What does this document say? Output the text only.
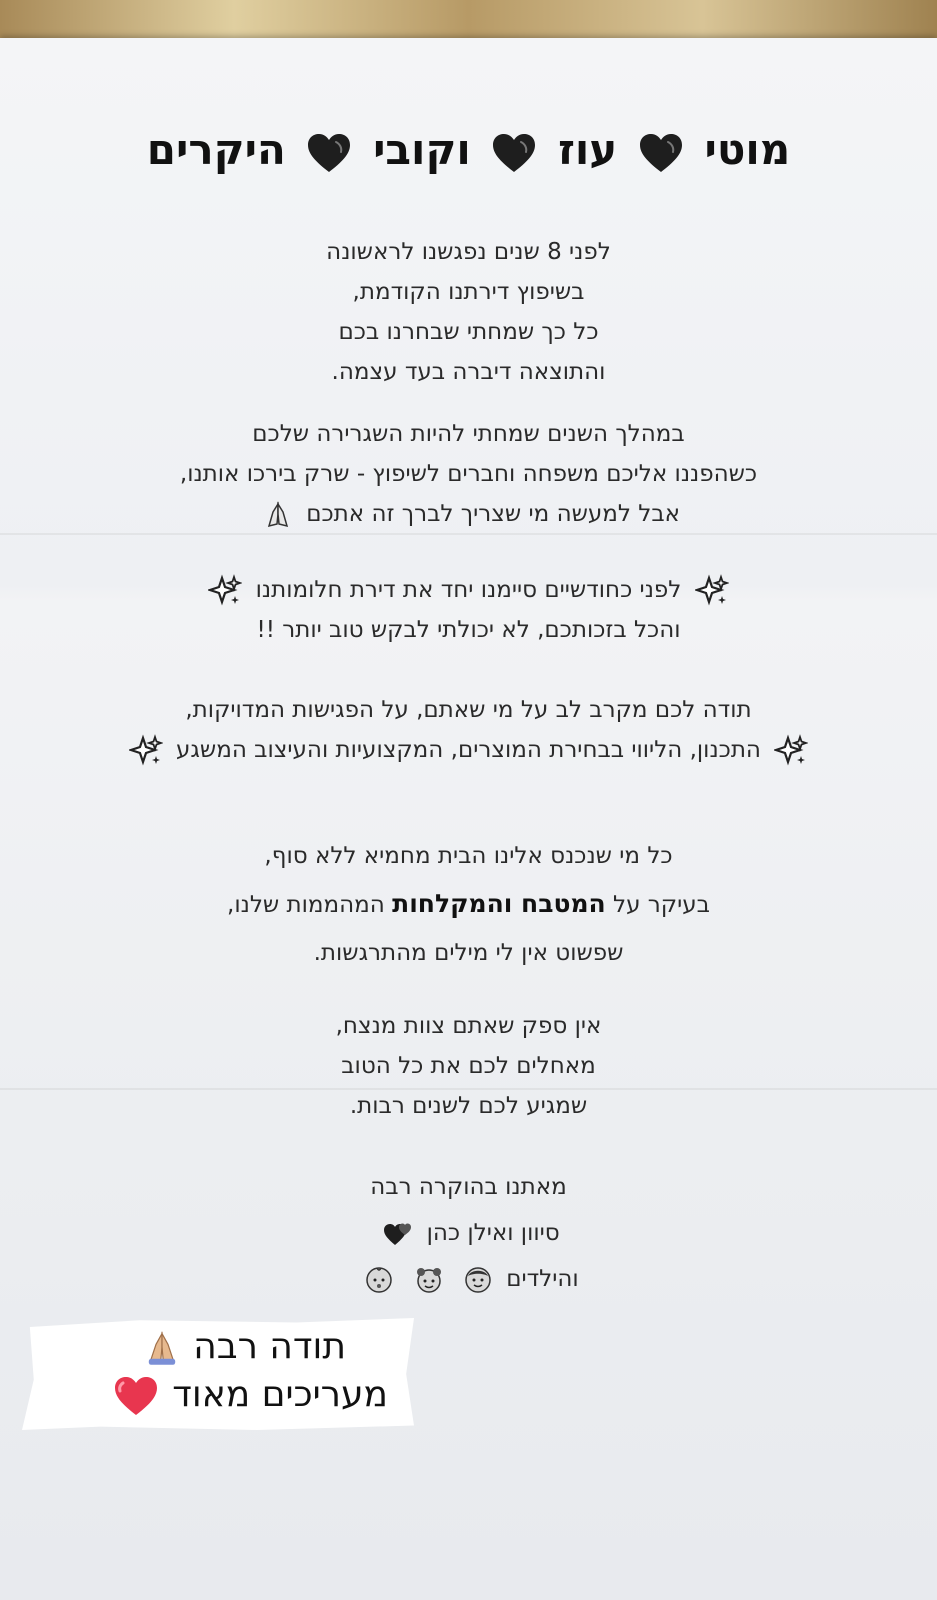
מוטי  עוז  וקובי  היקרים
לפני 8 שנים נפגשנו לראשונה
בשיפוץ דירתנו הקודמת,
כל כך שמחתי שבחרנו בכם
והתוצאה דיברה בעד עצמה.
במהלך השנים שמחתי להיות השגרירה שלכם
כשהפננו אליכם משפחה וחברים לשיפוץ - שרק בירכו אותנו,
אבל למעשה מי שצריך לברך זה אתכם
לפני כחודשיים סיימנו יחד את דירת חלומותנו
והכל בזכותכם, לא יכולתי לבקש טוב יותר !!
תודה לכם מקרב לב על מי שאתם, על הפגישות המדויקות,
התכנון, הליווי בבחירת המוצרים, המקצועיות והעיצוב המשגע
כל מי שנכנס אלינו הבית מחמיא ללא סוף,
בעיקר על המטבח והמקלחות המהממות שלנו,
שפשוט אין לי מילים מהתרגשות.
אין ספק שאתם צוות מנצח,
מאחלים לכם את כל הטוב
שמגיע לכם לשנים רבות.
מאתנו בהוקרה רבה
סיוון ואילן כהן
והילדים
תודה רבה
מעריכים מאוד
